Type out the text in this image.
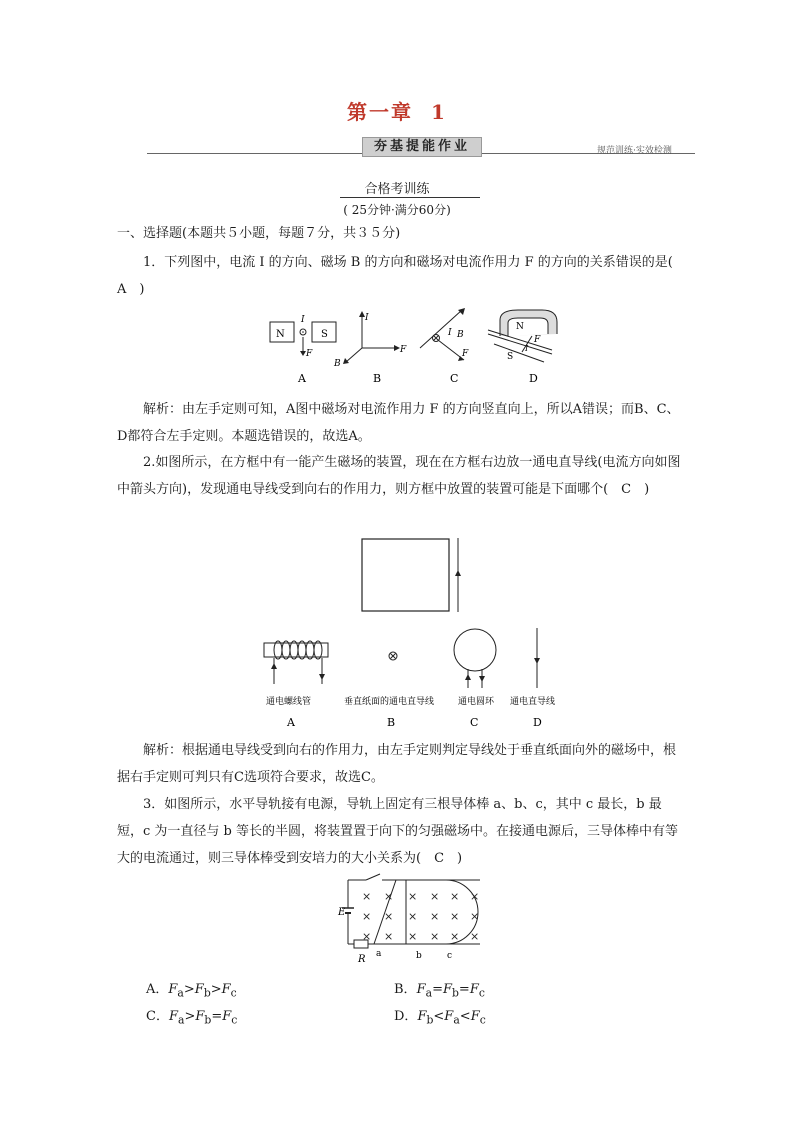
第一章 1
夯基提能作业	规范训练·实效检测
合格考训练
( 25分钟·满分60分)
一、选择题(本题共５小题，每题７分，共３５分)
1．下列图中，电流 I 的方向、磁场 B 的方向和磁场对电流作用力 F 的方向的关系错误的是(　A　)
N	S
I
F
A
I
F
B
B
I B
F
C
N
S
F
I
D
解析：由左手定则可知，A图中磁场对电流作用力 F 的方向竖直向上，所以A错误；而B、C、D都符合左手定则。本题选错误的，故选A。
2.如图所示，在方框中有一能产生磁场的装置，现在在方框右边放一通电直导线(电流方向如图中箭头方向)，发现通电导线受到向右的作用力，则方框中放置的装置可能是下面哪个(　C　)
通电螺线管
A
垂直纸面的通电直导线
B
通电圆环
C
通电直导线
D
解析：根据通电导线受到向右的作用力，由左手定则判定导线处于垂直纸面向外的磁场中，根据右手定则可判只有C选项符合要求，故选C。
3．如图所示，水平导轨接有电源，导轨上固定有三根导体棒 a、b、c，其中 c 最长，b 最短，c 为一直径与 b 等长的半圆，将装置置于向下的匀强磁场中。在接通电源后，三导体棒中有等大的电流通过，则三导体棒受到安培力的大小关系为(　C　)
E
R a	b	c
× × × × × ×
× × × × × ×
× × × × × ×
A．$F_a>F_b>F_c$	B．$F_a=F_b=F_c$
C．$F_a>F_b=F_c$	D．$F_b<F_a<F_c$
